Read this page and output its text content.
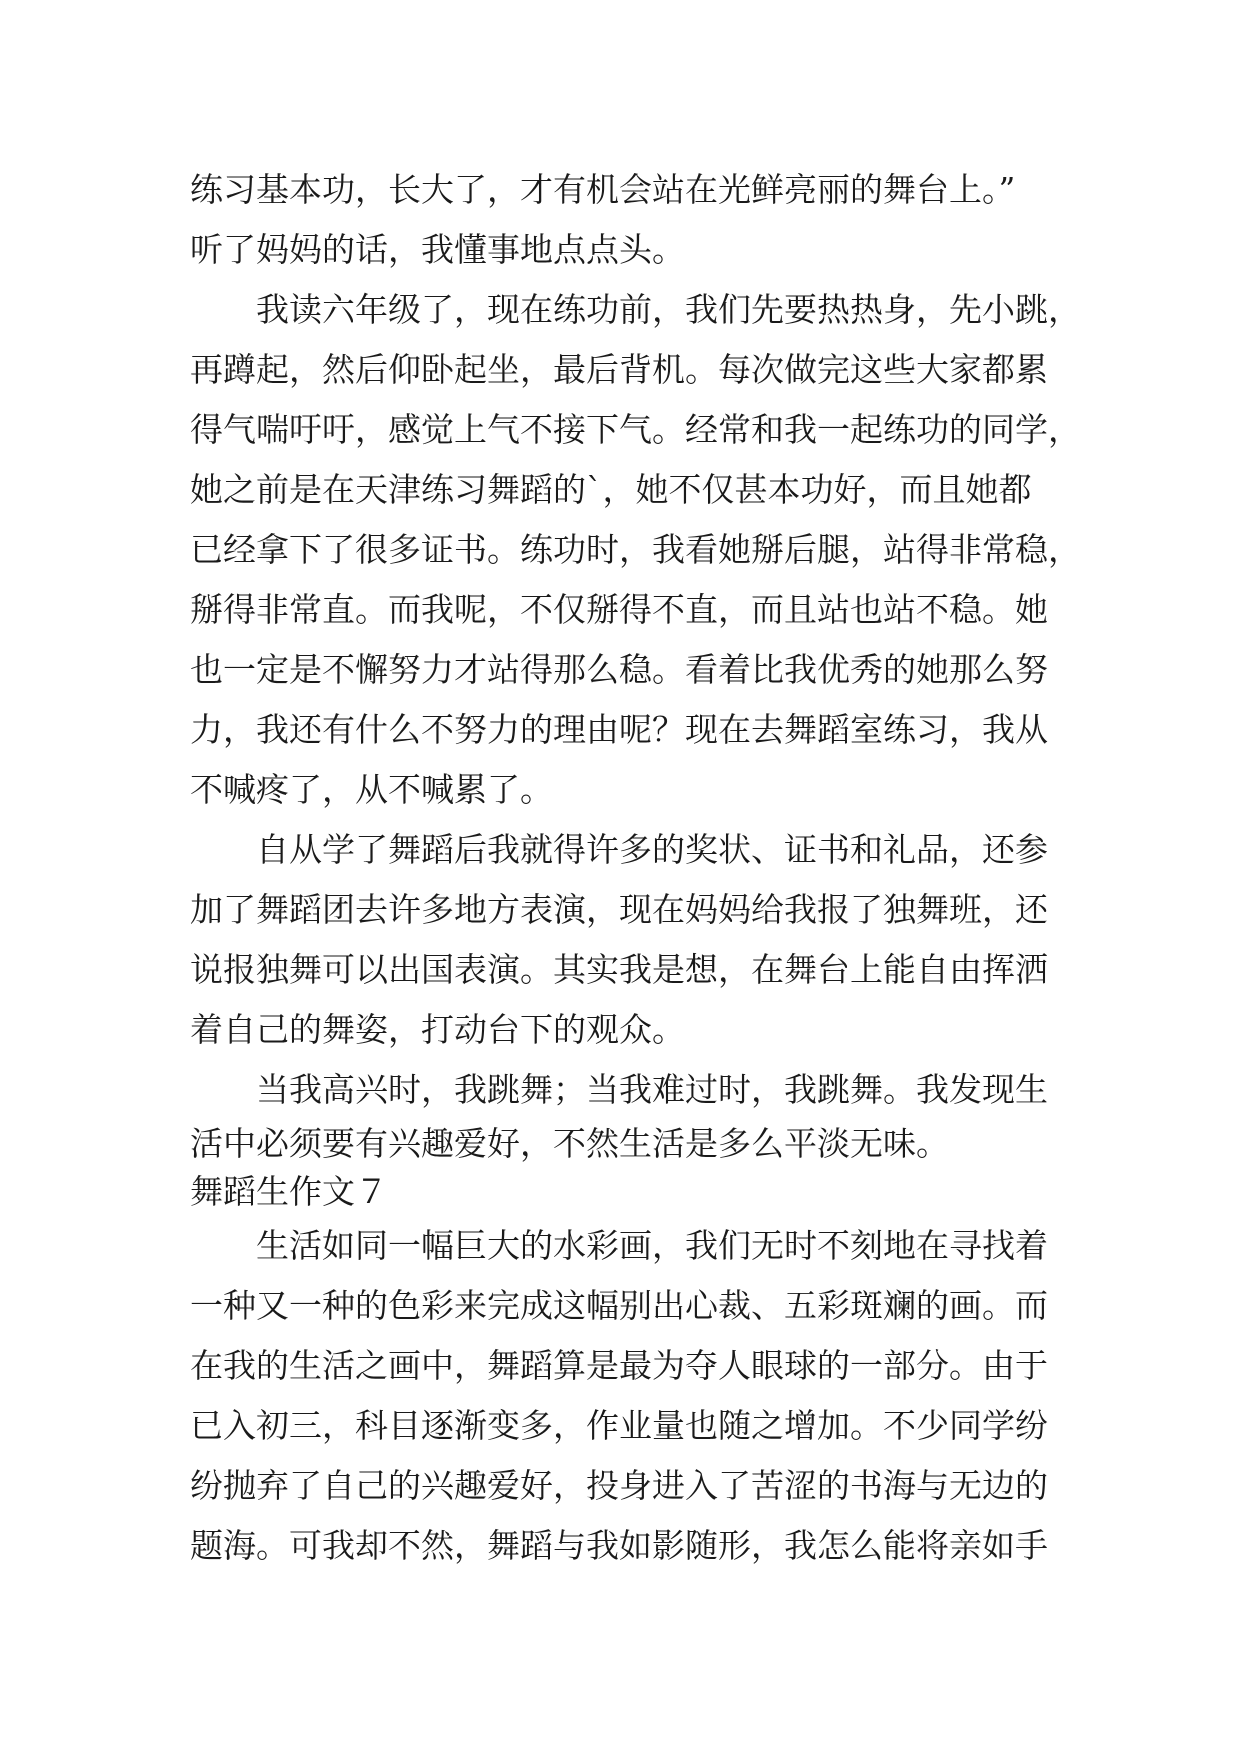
练习基本功，长大了，才有机会站在光鲜亮丽的舞台上。”
听了妈妈的话，我懂事地点点头。
我读六年级了，现在练功前，我们先要热热身，先小跳，
再蹲起，然后仰卧起坐，最后背机。每次做完这些大家都累
得气喘吁吁，感觉上气不接下气。经常和我一起练功的同学，
她之前是在天津练习舞蹈的`，她不仅甚本功好，而且她都
已经拿下了很多证书。练功时，我看她掰后腿，站得非常稳，
掰得非常直。而我呢，不仅掰得不直，而且站也站不稳。她
也一定是不懈努力才站得那么稳。看着比我优秀的她那么努
力，我还有什么不努力的理由呢？现在去舞蹈室练习，我从
不喊疼了，从不喊累了。
自从学了舞蹈后我就得许多的奖状、证书和礼品，还参
加了舞蹈团去许多地方表演，现在妈妈给我报了独舞班，还
说报独舞可以出国表演。其实我是想，在舞台上能自由挥洒
着自己的舞姿，打动台下的观众。
当我高兴时，我跳舞；当我难过时，我跳舞。我发现生
活中必须要有兴趣爱好，不然生活是多么平淡无味。
舞蹈生作文７
生活如同一幅巨大的水彩画，我们无时不刻地在寻找着
一种又一种的色彩来完成这幅别出心裁、五彩斑斓的画。而
在我的生活之画中，舞蹈算是最为夺人眼球的一部分。由于
已入初三，科目逐渐变多，作业量也随之增加。不少同学纷
纷抛弃了自己的兴趣爱好，投身进入了苦涩的书海与无边的
题海。可我却不然，舞蹈与我如影随形，我怎么能将亲如手
